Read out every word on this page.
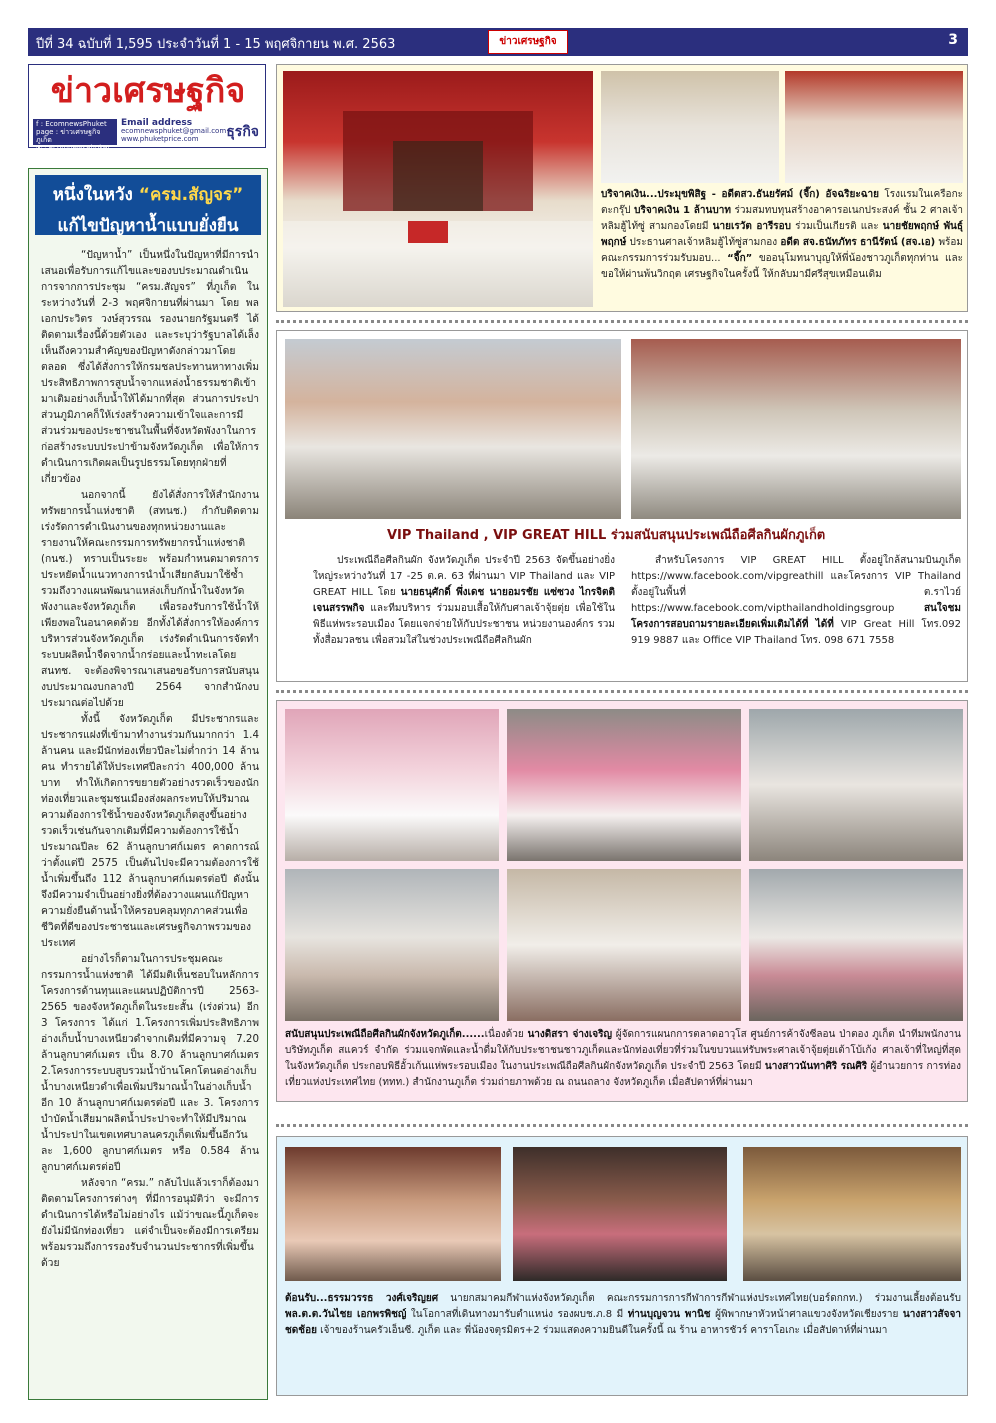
ปีที่ 34 ฉบับที่ 1,595 ประจำวันที่ 1 - 15 พฤศจิกายน พ.ศ. 2563	ข่าวเศรษฐกิจ	3
ข่าวเศรษฐกิจ
f : EcomnewsPhuket
page : ข่าวเศรษฐกิจภูเก็ต
✉ : EcomnewsPhuket
Email address
ecomnewsphuket@gmail.com
www.phuketprice.com	ธุรกิจ
หนึ่งในหวัง “ครม.สัญจร”
แก้ไขปัญหาน้ำแบบยั่งยืน

“ปัญหาน้ำ” เป็นหนึ่งในปัญหาที่มีการนำเสนอเพื่อรับการแก้ไขและของบประมาณดำเนินการจากการประชุม “ครม.สัญจร” ที่ภูเก็ต ในระหว่างวันที่ 2-3 พฤศจิกายนที่ผ่านมา โดย พลเอกประวิตร วงษ์สุวรรณ รองนายกรัฐมนตรี ได้ติดตามเรื่องนี้ด้วยตัวเอง และระบุว่ารัฐบาลได้เล็งเห็นถึงความสำคัญของปัญหาดังกล่าวมาโดยตลอด ซึ่งได้สั่งการให้กรมชลประทานหาทางเพิ่มประสิทธิภาพการสูบน้ำจากแหล่งน้ำธรรมชาติเข้ามาเติมอย่างเก็บน้ำให้ได้มากที่สุด ส่วนการประปาส่วนภูมิภาคก็ให้เร่งสร้างความเข้าใจและการมีส่วนร่วมของประชาชนในพื้นที่จังหวัดพังงาในการก่อสร้างระบบประปาข้ามจังหวัดภูเก็ต เพื่อให้การดำเนินการเกิดผลเป็นรูปธรรมโดยทุกฝ่ายที่เกี่ยวข้อง

นอกจากนี้ ยังได้สั่งการให้สำนักงานทรัพยากรน้ำแห่งชาติ (สทนช.) กำกับติดตามเร่งรัดการดำเนินงานของทุกหน่วยงานและรายงานให้คณะกรรมการทรัพยากรน้ำแห่งชาติ (กนช.) ทราบเป็นระยะ พร้อมกำหนดมาตรการประหยัดน้ำแนวทางการนำน้ำเสียกลับมาใช้ซ้ำ รวมถึงวางแผนพัฒนาแหล่งเก็บกักน้ำในจังหวัดพังงาและจังหวัดภูเก็ต เพื่อรองรับการใช้น้ำให้เพียงพอในอนาคตด้วย อีกทั้งได้สั่งการให้องค์การบริหารส่วนจังหวัดภูเก็ต เร่งรัดดำเนินการจัดทำระบบผลิตน้ำจืดจากน้ำกร่อยและน้ำทะเลโดย สนทช. จะต้องพิจารณาเสนอขอรับการสนับสนุนงบประมาณงบกลางปี 2564 จากสำนักงบประมาณต่อไปด้วย

ทั้งนี้ จังหวัดภูเก็ต มีประชากรและประชากรแฝงที่เข้ามาทำงานร่วมกันมากกว่า 1.4 ล้านคน และมีนักท่องเที่ยวปีละไม่ต่ำกว่า 14 ล้านคน ทำรายได้ให้ประเทศปีละกว่า 400,000 ล้านบาท ทำให้เกิดการขยายตัวอย่างรวดเร็วของนักท่องเที่ยวและชุมชนเมืองส่งผลกระทบให้ปริมาณความต้องการใช้น้ำของจังหวัดภูเก็ตสูงขึ้นอย่างรวดเร็วเช่นกันจากเดิมที่มีความต้องการใช้น้ำประมาณปีละ 62 ล้านลูกบาศก์เมตร คาดการณ์ว่าตั้งแต่ปี 2575 เป็นต้นไปจะมีความต้องการใช้น้ำเพิ่มขึ้นถึง 112 ล้านลูกบาศก์เมตรต่อปี ดังนั้นจึงมีความจำเป็นอย่างยิ่งที่ต้องวางแผนแก้ปัญหาความยั่งยืนด้านน้ำให้ครอบคลุมทุกภาคส่วนเพื่อชีวิตที่ดีของประชาชนและเศรษฐกิจภาพรวมของประเทศ

อย่างไรก็ตามในการประชุมคณะกรรมการน้ำแห่งชาติ ได้มีมติเห็นชอบในหลักการโครงการด้านทุนและแผนปฏิบัติการปี 2563-2565 ของจังหวัดภูเก็ตในระยะสั้น (เร่งด่วน) อีก 3 โครงการ ได้แก่ 1.โครงการเพิ่มประสิทธิภาพอ่างเก็บน้ำบางเหนียวดำจากเดิมที่มีความจุ 7.20 ล้านลูกบาศก์เมตร เป็น 8.70 ล้านลูกบาศก์เมตร 2.โครงการระบบสูบรวมน้ำบ้านโคกโตนดอ่างเก็บน้ำบางเหนียวดำเพื่อเพิ่มปริมาณน้ำในอ่างเก็บน้ำอีก 10 ล้านลูกบาศก์เมตรต่อปี และ 3. โครงการบำบัดน้ำเสียมาผลิตน้ำประปาจะทำให้มีปริมาณน้ำประปาในเขตเทศบาลนครภูเก็ตเพิ่มขึ้นอีกวันละ 1,600 ลูกบาศก์เมตร หรือ 0.584 ล้านลูกบาศก์เมตรต่อปี

หลังจาก “ครม.” กลับไปแล้วเราก็ต้องมาติดตามโครงการต่างๆ ที่มีการอนุมัติว่า จะมีการดำเนินการได้หรือไม่อย่างไร แม้ว่าขณะนี้ภูเก็ตจะยังไม่มีนักท่องเที่ยว แต่จำเป็นจะต้องมีการเตรียมพร้อมรวมถึงการรองรับจำนวนประชากรที่เพิ่มขึ้นด้วย

บริจาคเงิน...ประมุขพิสิฐ - อดีตสว.ธันยรัศม์ (จี๊ก) อัจฉริยะฉาย โรงแรมในเครือกะตะกรุ๊ป บริจาคเงิน 1 ล้านบาท ร่วมสมทบทุนสร้างอาคารอเนกประสงค์ ชั้น 2 ศาลเจ้าหลิมฮู้ไท้ซู่ สามกองโดยมี นายเรวัต อารีรอบ ร่วมเป็นเกียรติ และ นายชัยพฤกษ์ พันธุ์พฤกษ์ ประธานศาลเจ้าหลิมฮู้ไท้ซู่สามกอง อดีต สจ.ธนัทภัทร ธานีรัตน์ (สจ.เอ) พร้อม คณะกรรมการร่วมรับมอบ... “จี๊ก” ขออนุโมทนาบุญให้พี่น้องชาวภูเก็ตทุกท่าน และขอให้ผ่านพ้นวิกฤต เศรษฐกิจในครั้งนี้ ให้กลับมามีศรีสุขเหมือนเดิม
VIP Thailand , VIP GREAT HILL ร่วมสนับสนุนประเพณีถือศีลกินผักภูเก็ต
ประเพณีถือศีลกินผัก จังหวัดภูเก็ต ประจำปี 2563 จัดขึ้นอย่างยิ่งใหญ่ระหว่างวันที่ 17 -25 ต.ค. 63 ที่ผ่านมา VIP Thailand และ VIP GREAT HILL โดย นายธนุศักดิ์ พึ่งเดช นายอมรชัย แซ่ซวง ไกรจิตติ เจนสรรพกิจ และทีมบริหาร ร่วมมอบเสื้อให้กับศาลเจ้าจุ้ยตุ่ย เพื่อใช้ในพิธีแห่พระรอบเมือง โดยแจกจ่ายให้กับประชาชน หน่วยงานองค์กร รวมทั้งสื่อมวลชน เพื่อสวมใส่ในช่วงประเพณีถือศีลกินผัก
สำหรับโครงการ VIP GREAT HILL ตั้งอยู่ใกล้สนามบินภูเก็ต https://www.facebook.com/vipgreathill และโครงการ VIP Thailand ตั้งอยู่ในพื้นที่ ต.ราไวย์ https://www.facebook.com/vipthailandholdingsgroup สนใจชมโครงการสอบถามรายละเอียดเพิ่มเติมได้ที่ ได้ที่ VIP Great Hill โทร.092 919 9887 และ Office VIP Thailand โทร. 098 671 7558
สนับสนุนประเพณีถือศีลกินผักจังหวัดภูเก็ต......เนื่องด้วย นางดิสรา จ่างเจริญ ผู้จัดการแผนกการตลาดอาวุโส ศูนย์การค้าจังซีลอน ป่าตอง ภูเก็ต นำทีมพนักงานบริษัทภูเก็ต สแควร์ จำกัด ร่วมแจกพัดและน้ำดื่มให้กับประชาชนชาวภูเก็ตและนักท่องเที่ยวที่ร่วมในขบวนแห่รับพระศาลเจ้าจุ้ยตุ่ยเต้าโบ้เก้ง ศาลเจ้าที่ใหญ่ที่สุดในจังหวัดภูเก็ต ประกอบพิธีอั้วเก้นแห่พระรอบเมือง ในงานประเพณีถือศีลกินผักจังหวัดภูเก็ต ประจำปี 2563 โดยมี นางสาวนันทาศิริ รณศิริ ผู้อำนวยการ การท่องเที่ยวแห่งประเทศไทย (ททท.) สำนักงานภูเก็ต ร่วมถ่ายภาพด้วย ณ ถนนถลาง จังหวัดภูเก็ต เมื่อสัปดาห์ที่ผ่านมา
ต้อนรับ...ธรรมวรรธ วงศ์เจริญยศ นายกสมาคมกีฬาแห่งจังหวัดภูเก็ต คณะกรรมการการกีฬาการกีฬาแห่งประเทศไทย(บอร์ดกกท.) ร่วมงานเลี้ยงต้อนรับ พล.ต.ต.วันไชย เอกพรพิชญ์ ในโอกาสที่เดินทางมารับตำแหน่ง รองผบช.ภ.8 มี ท่านบุญจวน พานิช ผู้พิพากษาหัวหน้าศาลแขวงจังหวัดเชียงราย นางสาวสัจจา ชดช้อย เจ้าของร้านครัวเอ็นซี. ภูเก็ต และ พี่น้องจตุรมิตร+2 ร่วมแสดงความยินดีในครั้งนี้ ณ ร้าน อาหารชัวร์ คาราโอเกะ เมื่อสัปดาห์ที่ผ่านมา
